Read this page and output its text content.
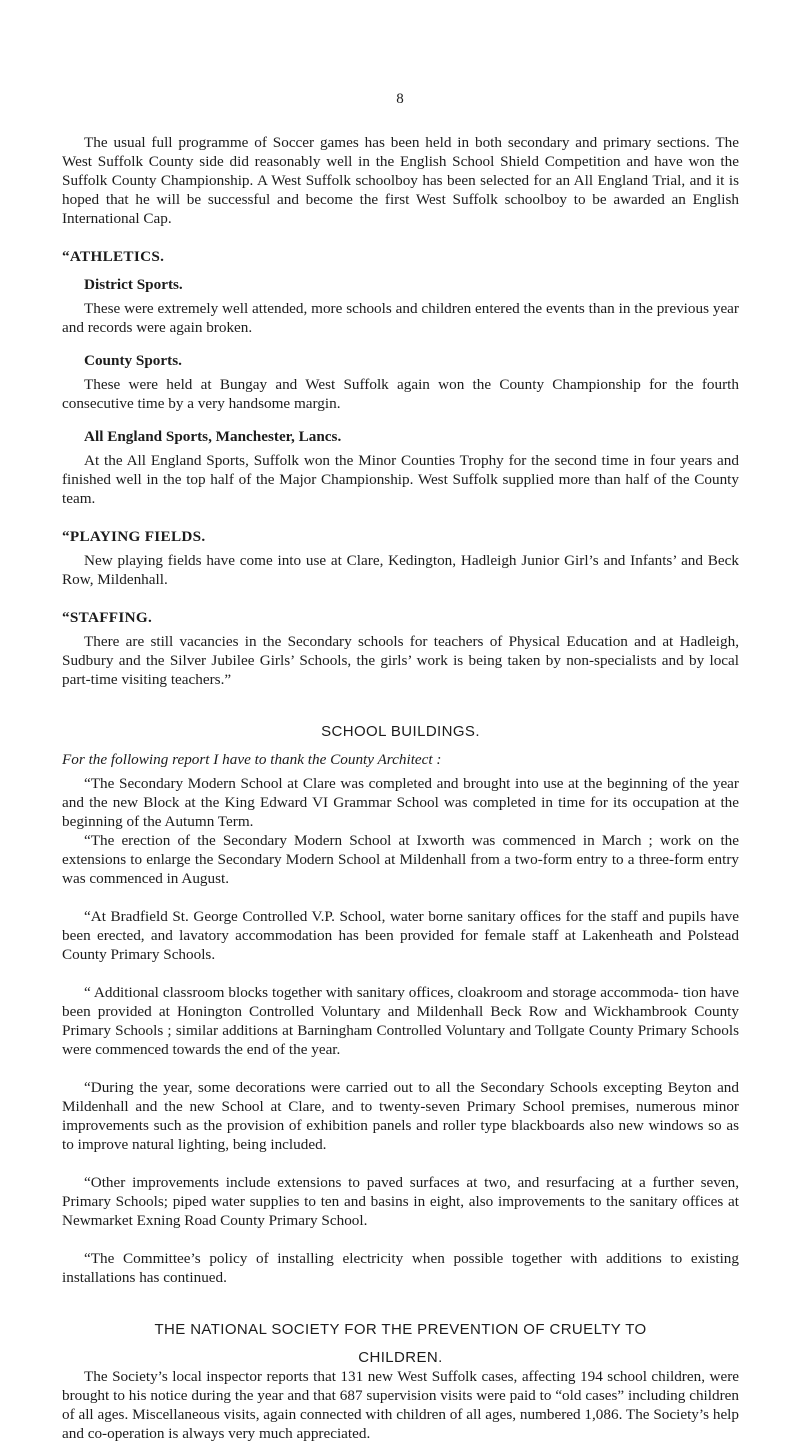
8

The usual full programme of Soccer games has been held in both secondary and primary sections. The West Suffolk County side did reasonably well in the English School Shield Competition and have won the Suffolk County Championship. A West Suffolk schoolboy has been selected for an All England Trial, and it is hoped that he will be successful and become the first West Suffolk schoolboy to be awarded an English International Cap.

“ATHLETICS.

District Sports.

These were extremely well attended, more schools and children entered the events than in the previous year and records were again broken.

County Sports.

These were held at Bungay and West Suffolk again won the County Championship for the fourth consecutive time by a very handsome margin.

All England Sports, Manchester, Lancs.

At the All England Sports, Suffolk won the Minor Counties Trophy for the second time in four years and finished well in the top half of the Major Championship. West Suffolk supplied more than half of the County team.

“PLAYING FIELDS.

New playing fields have come into use at Clare, Kedington, Hadleigh Junior Girl’s and Infants’ and Beck Row, Mildenhall.

“STAFFING.

There are still vacancies in the Secondary schools for teachers of Physical Education and at Hadleigh, Sudbury and the Silver Jubilee Girls’ Schools, the girls’ work is being taken by non-specialists and by local part-time visiting teachers.”

SCHOOL BUILDINGS.

For the following report I have to thank the County Architect :

“The Secondary Modern School at Clare was completed and brought into use at the beginning of the year and the new Block at the King Edward VI Grammar School was completed in time for its occupation at the beginning of the Autumn Term.

“The erection of the Secondary Modern School at Ixworth was commenced in March ; work on the extensions to enlarge the Secondary Modern School at Mildenhall from a two-form entry to a three-form entry was commenced in August.

“At Bradfield St. George Controlled V.P. School, water borne sanitary offices for the staff and pupils have been erected, and lavatory accommodation has been provided for female staff at Lakenheath and Polstead County Primary Schools.

“ Additional classroom blocks together with sanitary offices, cloakroom and storage accommoda- tion have been provided at Honington Controlled Voluntary and Mildenhall Beck Row and Wickhambrook County Primary Schools ; similar additions at Barningham Controlled Voluntary and Tollgate County Primary Schools were commenced towards the end of the year.

“During the year, some decorations were carried out to all the Secondary Schools excepting Beyton and Mildenhall and the new School at Clare, and to twenty-seven Primary School premises, numerous minor improvements such as the provision of exhibition panels and roller type blackboards also new windows so as to improve natural lighting, being included.

“Other improvements include extensions to paved surfaces at two, and resurfacing at a further seven, Primary Schools; piped water supplies to ten and basins in eight, also improvements to the sanitary offices at Newmarket Exning Road County Primary School.

“The Committee’s policy of installing electricity when possible together with additions to existing installations has continued.

THE NATIONAL SOCIETY FOR THE PREVENTION OF CRUELTY TO

CHILDREN.

The Society’s local inspector reports that 131 new West Suffolk cases, affecting 194 school children, were brought to his notice during the year and that 687 supervision visits were paid to “old cases” including children of all ages. Miscellaneous visits, again connected with children of all ages, numbered 1,086. The Society’s help and co-operation is always very much appreciated.
